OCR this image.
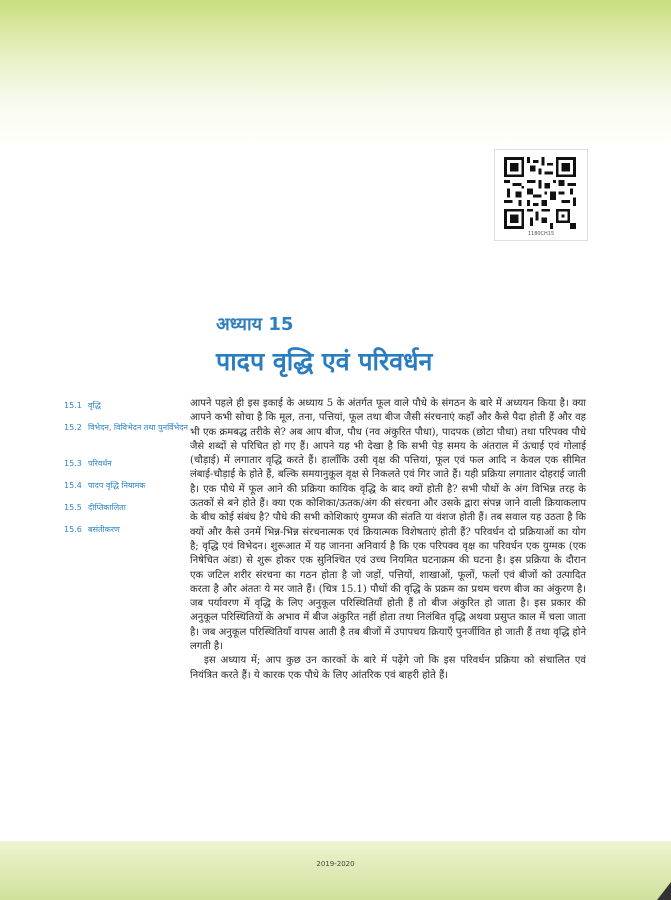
1180CH15
अध्याय 15
पादप वृद्धि एवं परिवर्धन
15.1 वृद्धि
15.2 विभेदन, विविभेदन तथा पुनर्विभेदन
15.3 परिवर्धन
15.4 पादप वृद्धि नियामक
15.5 दीप्तिकालिता
15.6 बसंतीकरण

आपने पहले ही इस इकाई के अध्याय 5 के अंतर्गत फूल वाले पौधे के संगठन के बारे में अध्ययन किया है। क्या आपने कभी सोचा है कि मूल, तना, पत्तियां, फूल तथा बीज जैसी संरचनाएं कहाँ और कैसे पैदा होती हैं और वह भी एक क्रमबद्ध तरीके से? अब आप बीज, पौध (नव अंकुरित पौधा), पादपक (छोटा पौधा) तथा परिपक्व पौधे जैसे शब्दों से परिचित हो गए हैं। आपने यह भी देखा है कि सभी पेड़ समय के अंतराल में ऊंचाई एवं गोलाई (चौड़ाई) में लगातार वृद्धि करते हैं। हालाँकि उसी वृक्ष की पत्तियां, फूल एवं फल आदि न केवल एक सीमित लंबाई-चौड़ाई के होते हैं, बल्कि समयानुकूल वृक्ष से निकलते एवं गिर जाते हैं। यही प्रक्रिया लगातार दोहराई जाती है। एक पौधे में फूल आने की प्रक्रिया कायिक वृद्धि के बाद क्यों होती है? सभी पौधों के अंग विभिन्न तरह के ऊतकों से बने होते हैं। क्या एक कोशिका/ऊतक/अंग की संरचना और उसके द्वारा संपन्न जाने वाली क्रियाकलाप के बीच कोई संबंध है? पौधे की सभी कोशिकाएं युग्मज की संतति या वंशज होती हैं। तब सवाल यह उठता है कि क्यों और कैसे उनमें भिन्न-भिन्न संरचनात्मक एवं क्रियात्मक विशेषताएं होती हैं? परिवर्धन दो प्रक्रियाओं का योग है; वृद्धि एवं विभेदन। शुरूआत में यह जानना अनिवार्य है कि एक परिपक्व वृक्ष का परिवर्धन एक युग्मक (एक निषेचित अंडा) से शुरू होकर एक सुनिश्चित एवं उच्च नियमित घटनाक्रम की घटना है। इस प्रक्रिया के दौरान एक जटिल शरीर संरचना का गठन होता है जो जड़ों, पत्तियों, शाखाओं, फूलों, फलों एवं बीजों को उत्पादित करता है और अंततः ये मर जाते हैं। (चित्र 15.1) पौधों की वृद्धि के प्रक्रम का प्रथम चरण बीज का अंकुरण है। जब पर्यावरण में वृद्धि के लिए अनुकूल परिस्थितियाँ होती हैं तो बीज अंकुरित हो जाता है। इस प्रकार की अनुकूल परिस्थितियों के अभाव में बीज अंकुरित नहीं होता तथा निलंबित वृद्धि अथवा प्रसुप्त काल में चला जाता है। जब अनुकूल परिस्थितियाँ वापस आती है तब बीजों में उपापचय क्रियाएँ पुनर्जीवित हो जाती हैं तथा वृद्धि होने लगती है।

इस अध्याय में; आप कुछ उन कारकों के बारे में पढ़ेंगे जो कि इस परिवर्धन प्रक्रिया को संचालित एवं नियंत्रित करते हैं। ये कारक एक पौधे के लिए आंतरिक एवं बाहरी होते हैं।

2019-2020
